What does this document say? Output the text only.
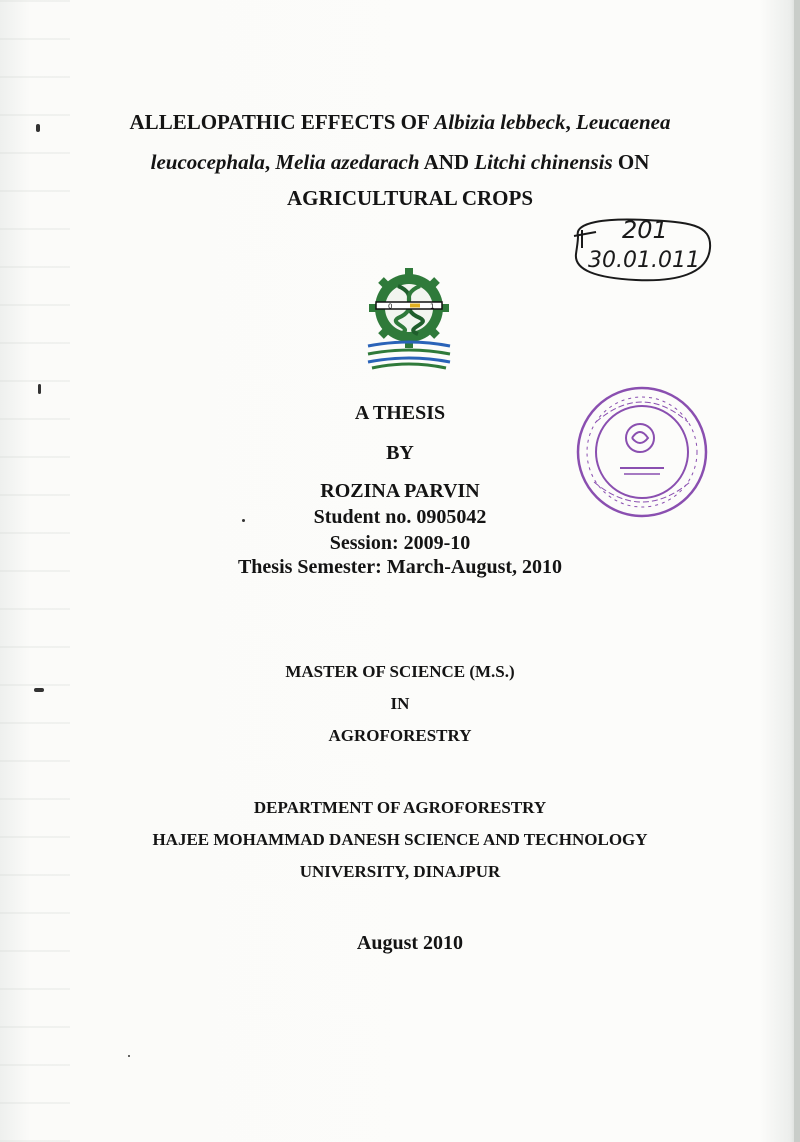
ALLELOPATHIC EFFECTS OF Albizia lebbeck, Leucaenea
leucocephala, Melia azedarach AND Litchi chinensis ON
AGRICULTURAL CROPS
201
30.01.011
0	1
A THESIS
BY
ROZINA PARVIN
Student no. 0905042
Session: 2009-10
Thesis Semester: March-August, 2010
MASTER OF SCIENCE (M.S.)
IN
AGROFORESTRY
DEPARTMENT OF AGROFORESTRY
HAJEE MOHAMMAD DANESH SCIENCE AND TECHNOLOGY
UNIVERSITY, DINAJPUR
August 2010
